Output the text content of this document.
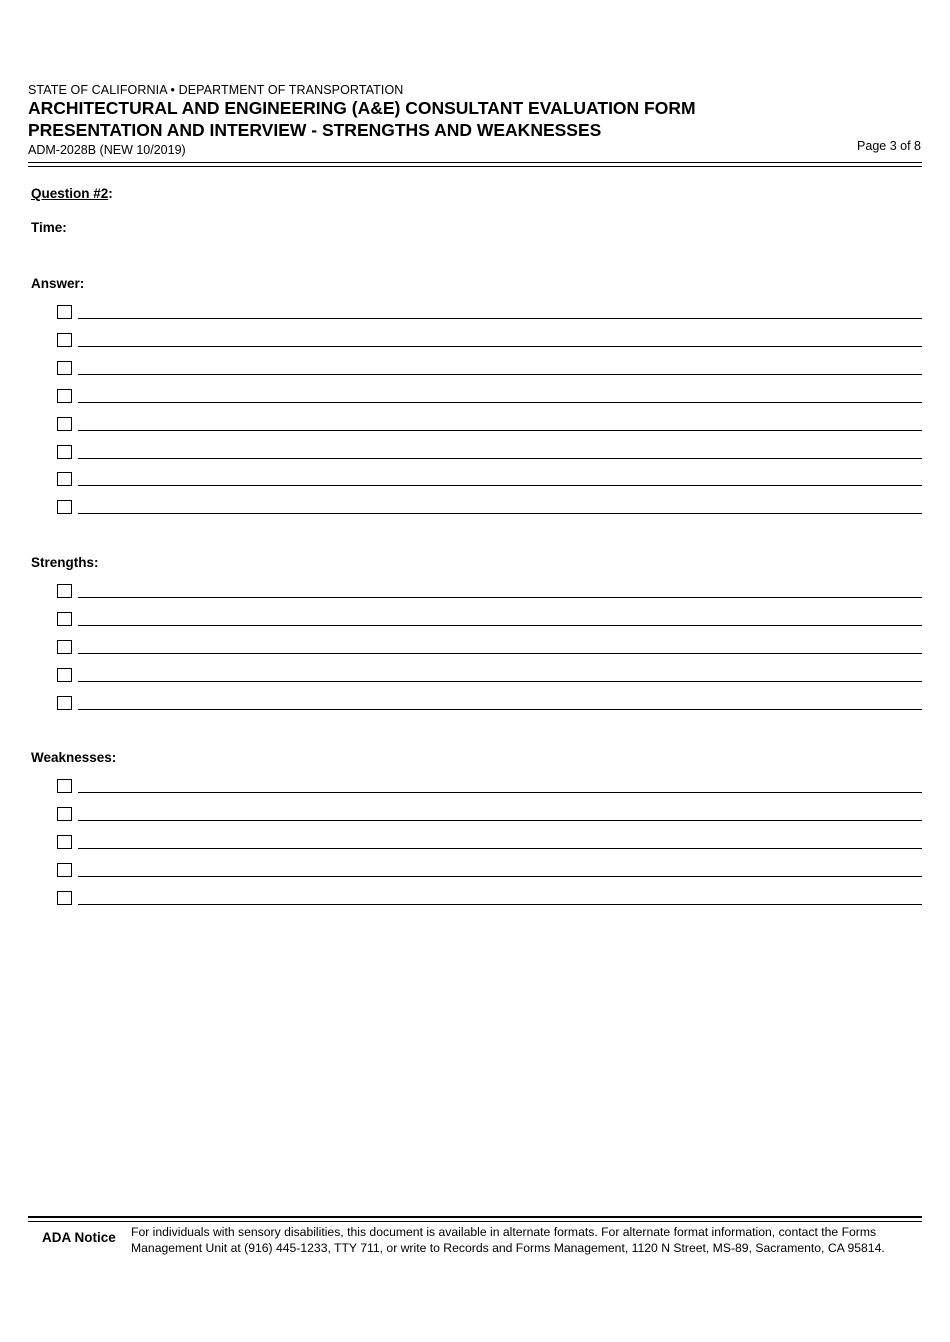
STATE OF CALIFORNIA • DEPARTMENT OF TRANSPORTATION
ARCHITECTURAL AND ENGINEERING (A&E) CONSULTANT EVALUATION FORM
PRESENTATION AND INTERVIEW - STRENGTHS AND WEAKNESSES
ADM-2028B (NEW 10/2019)	Page 3 of 8
Question #2:
Time:
Answer:
Strengths:
Weaknesses:
ADA Notice For individuals with sensory disabilities, this document is available in alternate formats. For alternate format information, contact the Forms
Management Unit at (916) 445-1233, TTY 711, or write to Records and Forms Management, 1120 N Street, MS-89, Sacramento, CA 95814.
